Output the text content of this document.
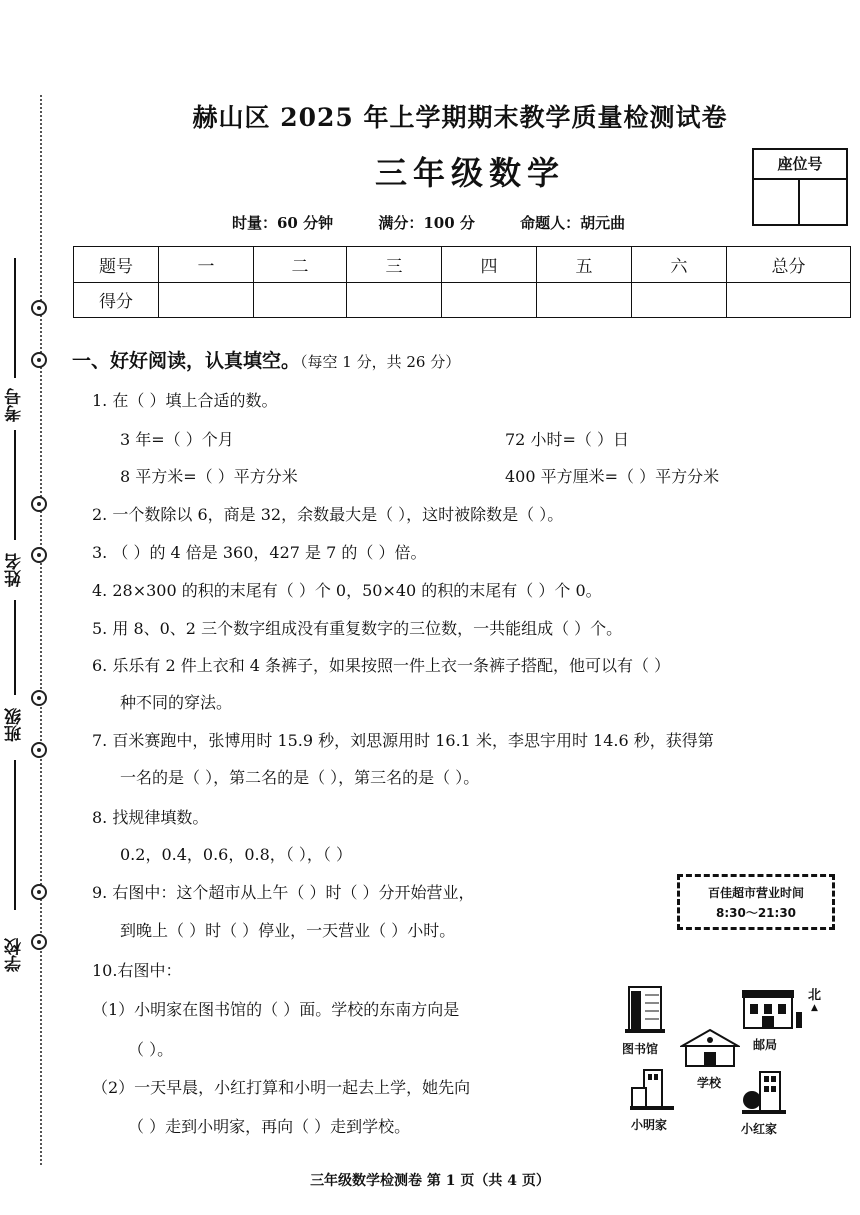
考号
姓名
班级
学校
赫山区 2025 年上学期期末教学质量检测试卷
三年级数学	座位号
时量：60 分钟	满分：100 分	命题人：胡元曲
题号	一	二	三	四	五	六	总分
得分							
一、好好阅读，认真填空。（每空 1 分，共 26 分）
1. 在（ ）填上合适的数。
3 年=（ ）个月	72 小时=（ ）日
8 平方米=（ ）平方分米	400 平方厘米=（ ）平方分米
2. 一个数除以 6，商是 32，余数最大是（ ），这时被除数是（ ）。
3. （ ）的 4 倍是 360，427 是 7 的（ ）倍。
4. 28×300 的积的末尾有（ ）个 0，50×40 的积的末尾有（ ）个 0。
5. 用 8、0、2 三个数字组成没有重复数字的三位数，一共能组成（ ）个。
6. 乐乐有 2 件上衣和 4 条裤子，如果按照一件上衣一条裤子搭配，他可以有（ ）
种不同的穿法。
7. 百米赛跑中，张博用时 15.9 秒，刘思源用时 16.1 米，李思宇用时 14.6 秒，获得第
一名的是（ ），第二名的是（ ），第三名的是（ ）。
8. 找规律填数。
0.2，0.4，0.6，0.8，（ ），（ ）
9. 右图中：这个超市从上午（ ）时（ ）分开始营业，
到晚上（ ）时（ ）停业，一天营业（ ）小时。
百佳超市营业时间
8:30～21:30
10.右图中：
（1）小明家在图书馆的（ ）面。学校的东南方向是
（ ）。
（2）一天早晨，小红打算和小明一起去上学，她先向
（ ）走到小明家，再向（ ）走到学校。
图书馆	邮局
北
▲
学校
小明家	小红家
三年级数学检测卷 第 1 页（共 4 页）
